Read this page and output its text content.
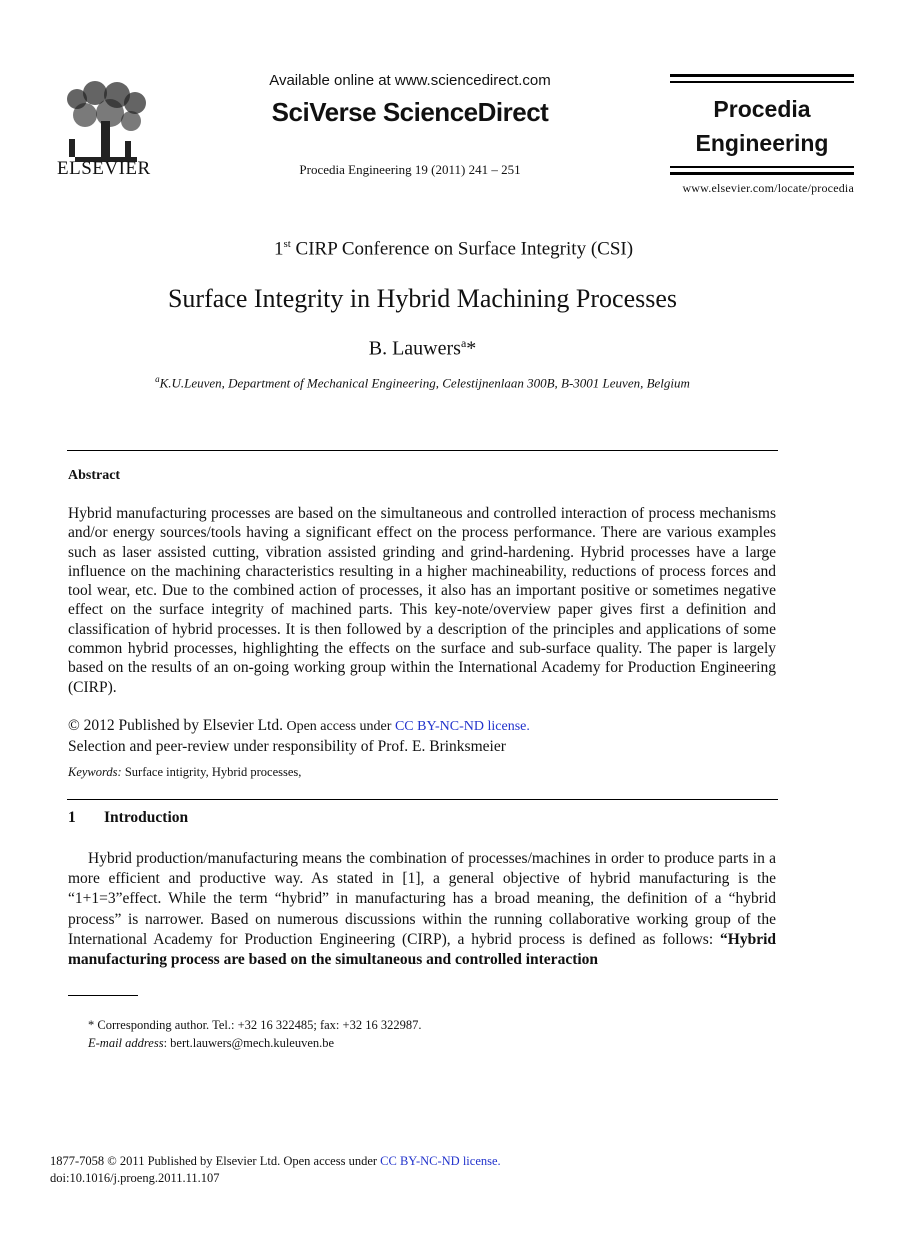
ELSEVIER
Available online at www.sciencedirect.com
SciVerse ScienceDirect
Procedia Engineering 19 (2011) 241 – 251
Procedia
Engineering
www.elsevier.com/locate/procedia
1st CIRP Conference on Surface Integrity (CSI)
Surface Integrity in Hybrid Machining Processes
B. Lauwers$^a$*
$^a$K.U.Leuven, Department of Mechanical Engineering, Celestijnenlaan 300B, B-3001 Leuven, Belgium
Abstract
Hybrid manufacturing processes are based on the simultaneous and controlled interaction of process mechanisms and/or energy sources/tools having a significant effect on the process performance. There are various examples such as laser assisted cutting, vibration assisted grinding and grind-hardening. Hybrid processes have a large influence on the machining characteristics resulting in a higher machineability, reductions of process forces and tool wear, etc. Due to the combined action of processes, it also has an important positive or sometimes negative effect on the surface integrity of machined parts. This key-note/overview paper gives first a definition and classification of hybrid processes. It is then followed by a description of the principles and applications of some common hybrid processes, highlighting the effects on the surface and sub-surface quality. The paper is largely based on the results of an on-going working group within the International Academy for Production Engineering (CIRP).
© 2012 Published by Elsevier Ltd. Open access under CC BY-NC-ND license.
Selection and peer-review under responsibility of Prof. E. Brinksmeier
Keywords: Surface intigrity, Hybrid processes,
1 Introduction
Hybrid production/manufacturing means the combination of processes/machines in order to produce parts in a more efficient and productive way. As stated in [1], a general objective of hybrid manufacturing is the “1+1=3”effect. While the term “hybrid” in manufacturing has a broad meaning, the definition of a “hybrid process” is narrower. Based on numerous discussions within the running collaborative working group of the International Academy for Production Engineering (CIRP), a hybrid process is defined as follows: “Hybrid manufacturing process are based on the simultaneous and controlled interaction
* Corresponding author. Tel.: +32 16 322485; fax: +32 16 322987.
E-mail address: bert.lauwers@mech.kuleuven.be
1877-7058 © 2011 Published by Elsevier Ltd. Open access under CC BY-NC-ND license.
doi:10.1016/j.proeng.2011.11.107
